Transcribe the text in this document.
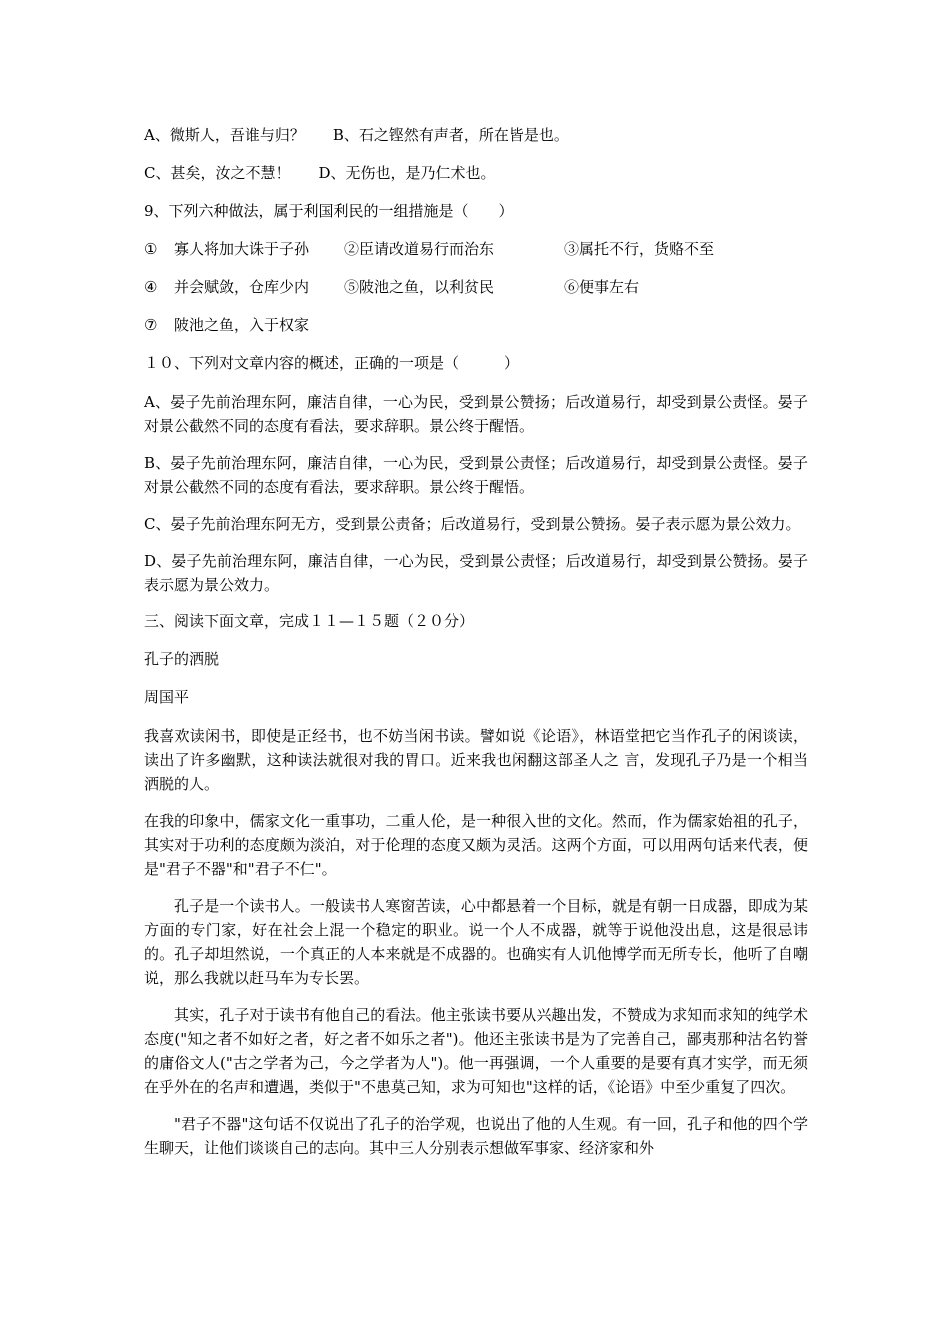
A、微斯人，吾谁与归？ B、石之铿然有声者，所在皆是也。
C、甚矣，汝之不慧！ D、无伤也，是乃仁术也。
9、下列六种做法，属于利国利民的一组措施是（　　）
① 寡人将加大诛于子孙 ②臣请改道易行而治东	③属托不行，货赂不至
④ 并会赋敛，仓库少内 ⑤陂池之鱼，以利贫民	⑥便事左右
⑦ 陂池之鱼，入于权家
１０、下列对文章内容的概述，正确的一项是（　　　）

A、晏子先前治理东阿，廉洁自律，一心为民，受到景公赞扬；后改道易行，却受到景公责怪。晏子对景公截然不同的态度有看法，要求辞职。景公终于醒悟。

B、晏子先前治理东阿，廉洁自律，一心为民，受到景公责怪；后改道易行，却受到景公责怪。晏子对景公截然不同的态度有看法，要求辞职。景公终于醒悟。

C、晏子先前治理东阿无方，受到景公责备；后改道易行，受到景公赞扬。晏子表示愿为景公效力。

D、晏子先前治理东阿，廉洁自律，一心为民，受到景公责怪；后改道易行，却受到景公赞扬。晏子表示愿为景公效力。

三、阅读下面文章，完成１１—１５题（２０分）
孔子的洒脱
周国平

我喜欢读闲书，即使是正经书，也不妨当闲书读。譬如说《论语》，林语堂把它当作孔子的闲谈读，读出了许多幽默，这种读法就很对我的胃口。近来我也闲翻这部圣人之 言，发现孔子乃是一个相当洒脱的人。

在我的印象中，儒家文化一重事功，二重人伦，是一种很入世的文化。然而，作为儒家始祖的孔子，其实对于功利的态度颇为淡泊，对于伦理的态度又颇为灵活。这两个方面，可以用两句话来代表，便是"君子不器"和"君子不仁"。

孔子是一个读书人。一般读书人寒窗苦读，心中都悬着一个目标，就是有朝一日成器，即成为某方面的专门家，好在社会上混一个稳定的职业。说一个人不成器，就等于说他没出息，这是很忌讳的。孔子却坦然说，一个真正的人本来就是不成器的。也确实有人讥他博学而无所专长，他听了自嘲说，那么我就以赶马车为专长罢。

其实，孔子对于读书有他自己的看法。他主张读书要从兴趣出发，不赞成为求知而求知的纯学术态度("知之者不如好之者，好之者不如乐之者")。他还主张读书是为了完善自己，鄙夷那种沽名钓誉的庸俗文人("古之学者为己，今之学者为人")。他一再强调，一个人重要的是要有真才实学，而无须在乎外在的名声和遭遇，类似于"不患莫己知，求为可知也"这样的话，《论语》中至少重复了四次。

"君子不器"这句话不仅说出了孔子的治学观，也说出了他的人生观。有一回，孔子和他的四个学生聊天，让他们谈谈自己的志向。其中三人分别表示想做军事家、经济家和外
